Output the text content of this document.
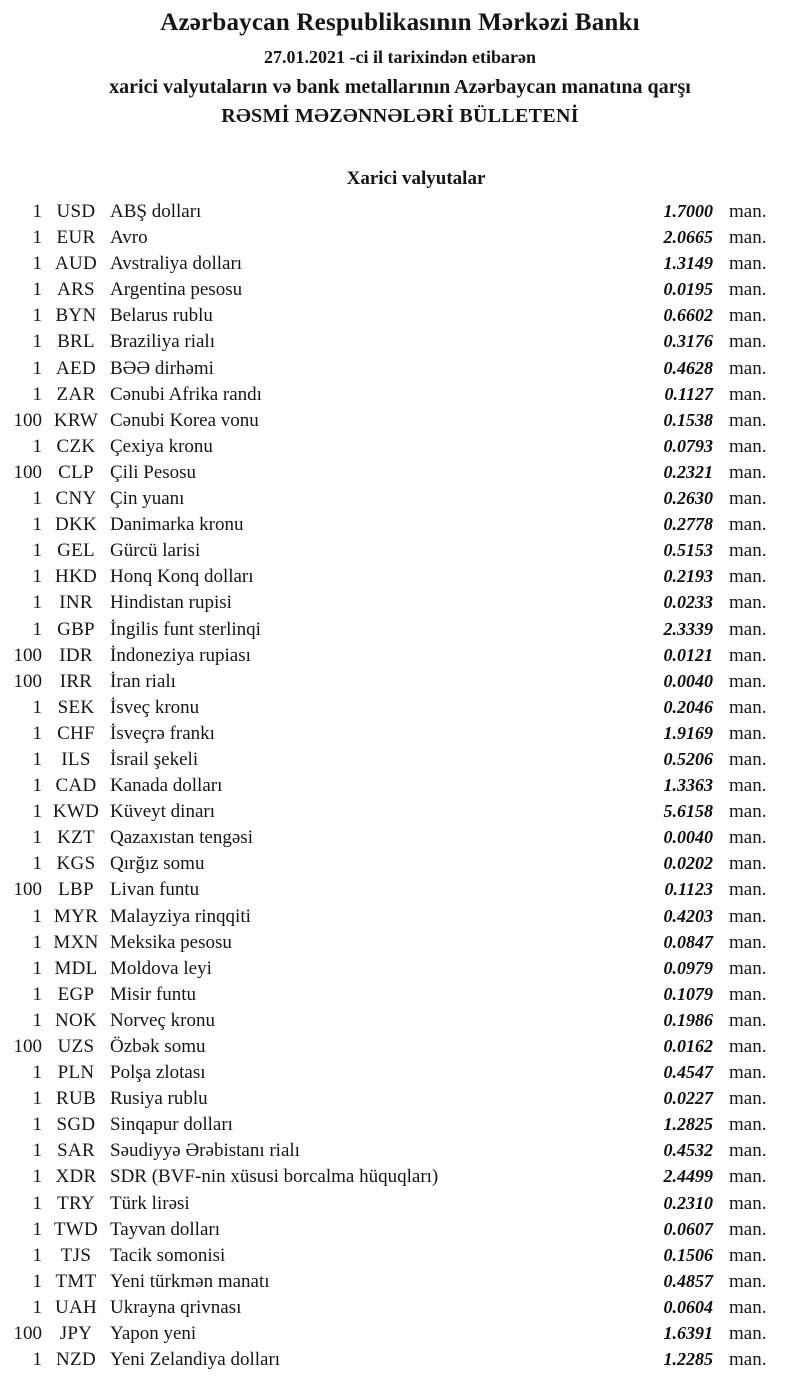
Azərbaycan Respublikasının Mərkəzi Bankı
27.01.2021 -ci il tarixindən etibarən
xarici valyutaların və bank metallarının Azərbaycan manatına qarşı
RƏSMİ MƏZƏNNƏLƏRİ BÜLLETENİ
Xarici valyutalar
1 USD ABŞ dolları	1.7000 man.
1 EUR Avro	2.0665 man.
1 AUD Avstraliya dolları	1.3149 man.
1 ARS Argentina pesosu	0.0195 man.
1 BYN Belarus rublu	0.6602 man.
1 BRL Braziliya rialı	0.3176 man.
1 AED BƏƏ dirhəmi	0.4628 man.
1 ZAR Cənubi Afrika randı	0.1127 man.
100 KRW Cənubi Korea vonu	0.1538 man.
1 CZK Çexiya kronu	0.0793 man.
100 CLP Çili Pesosu	0.2321 man.
1 CNY Çin yuanı	0.2630 man.
1 DKK Danimarka kronu	0.2778 man.
1 GEL Gürcü larisi	0.5153 man.
1 HKD Honq Konq dolları	0.2193 man.
1 INR Hindistan rupisi	0.0233 man.
1 GBP İngilis funt sterlinqi	2.3339 man.
100 IDR İndoneziya rupiası	0.0121 man.
100 IRR İran rialı	0.0040 man.
1 SEK İsveç kronu	0.2046 man.
1 CHF İsveçrə frankı	1.9169 man.
1	ILS	İsrail şekeli	0.5206 man.
1 CAD Kanada dolları	1.3363 man.
1 KWD Küveyt dinarı	5.6158 man.
1 KZT Qazaxıstan tengəsi	0.0040 man.
1 KGS Qırğız somu	0.0202 man.
100 LBP Livan funtu	0.1123 man.
1 MYR Malayziya rinqqiti	0.4203 man.
1 MXN Meksika pesosu	0.0847 man.
1 MDL Moldova leyi	0.0979 man.
1 EGP Misir funtu	0.1079 man.
1 NOK Norveç kronu	0.1986 man.
100 UZS Özbək somu	0.0162 man.
1 PLN Polşa zlotası	0.4547 man.
1 RUB Rusiya rublu	0.0227 man.
1 SGD Sinqapur dolları	1.2825 man.
1 SAR Səudiyyə Ərəbistanı rialı	0.4532 man.
1 XDR SDR (BVF-nin xüsusi borcalma hüquqları)	2.4499 man.
1 TRY Türk lirəsi	0.2310 man.
1 TWD Tayvan dolları	0.0607 man.
1 TJS Tacik somonisi	0.1506 man.
1 TMT Yeni türkmən manatı	0.4857 man.
1 UAH Ukrayna qrivnası	0.0604 man.
100 JPY Yapon yeni	1.6391 man.
1 NZD Yeni Zelandiya dolları	1.2285 man.
